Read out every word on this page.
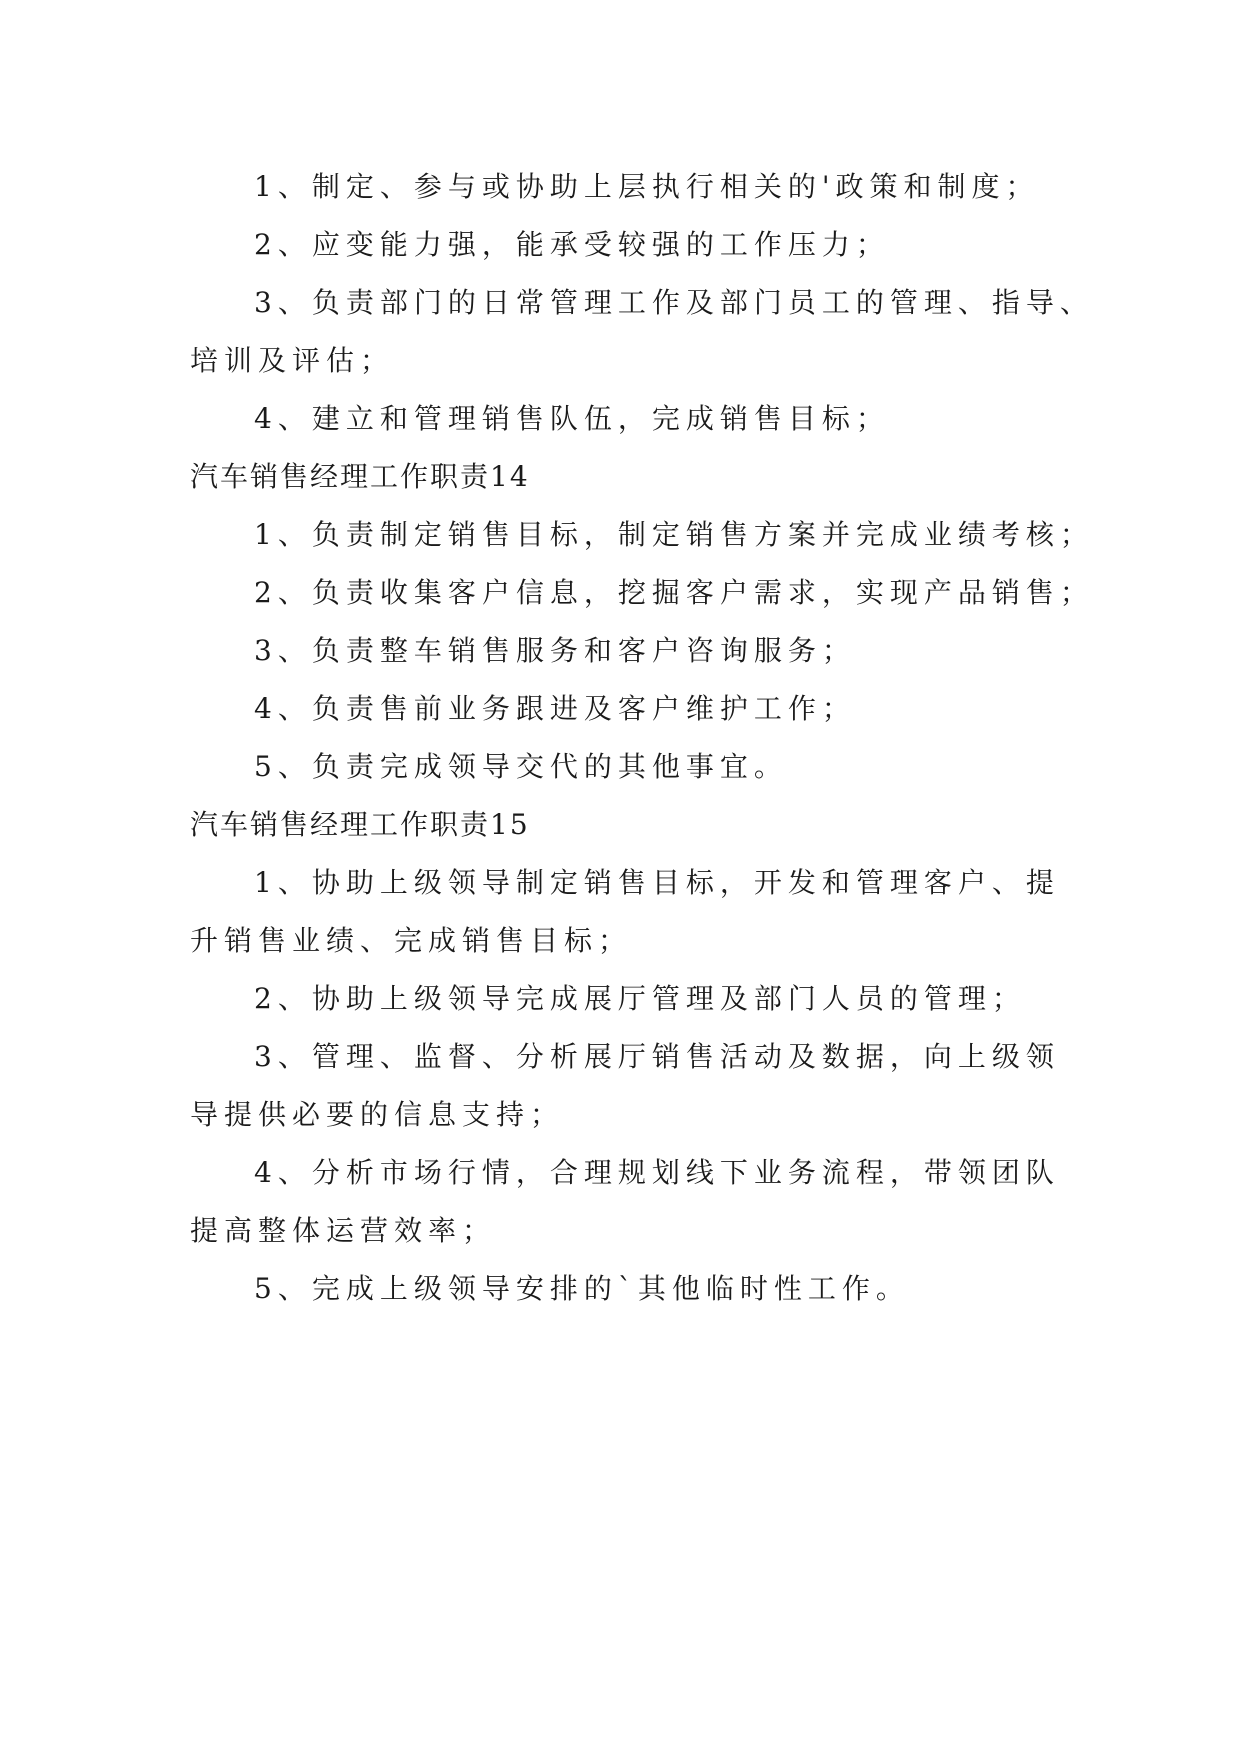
1、制定、参与或协助上层执行相关的'政策和制度；

2、应变能力强，能承受较强的工作压力；

3、负责部门的日常管理工作及部门员工的管理、指导、

培训及评估；

4、建立和管理销售队伍，完成销售目标；

汽车销售经理工作职责14

1、负责制定销售目标，制定销售方案并完成业绩考核；

2、负责收集客户信息，挖掘客户需求，实现产品销售；

3、负责整车销售服务和客户咨询服务；

4、负责售前业务跟进及客户维护工作；

5、负责完成领导交代的其他事宜。

汽车销售经理工作职责15

1、协助上级领导制定销售目标，开发和管理客户、提

升销售业绩、完成销售目标；

2、协助上级领导完成展厅管理及部门人员的管理；

3、管理、监督、分析展厅销售活动及数据，向上级领

导提供必要的信息支持；

4、分析市场行情，合理规划线下业务流程，带领团队

提高整体运营效率；

5、完成上级领导安排的`其他临时性工作。
